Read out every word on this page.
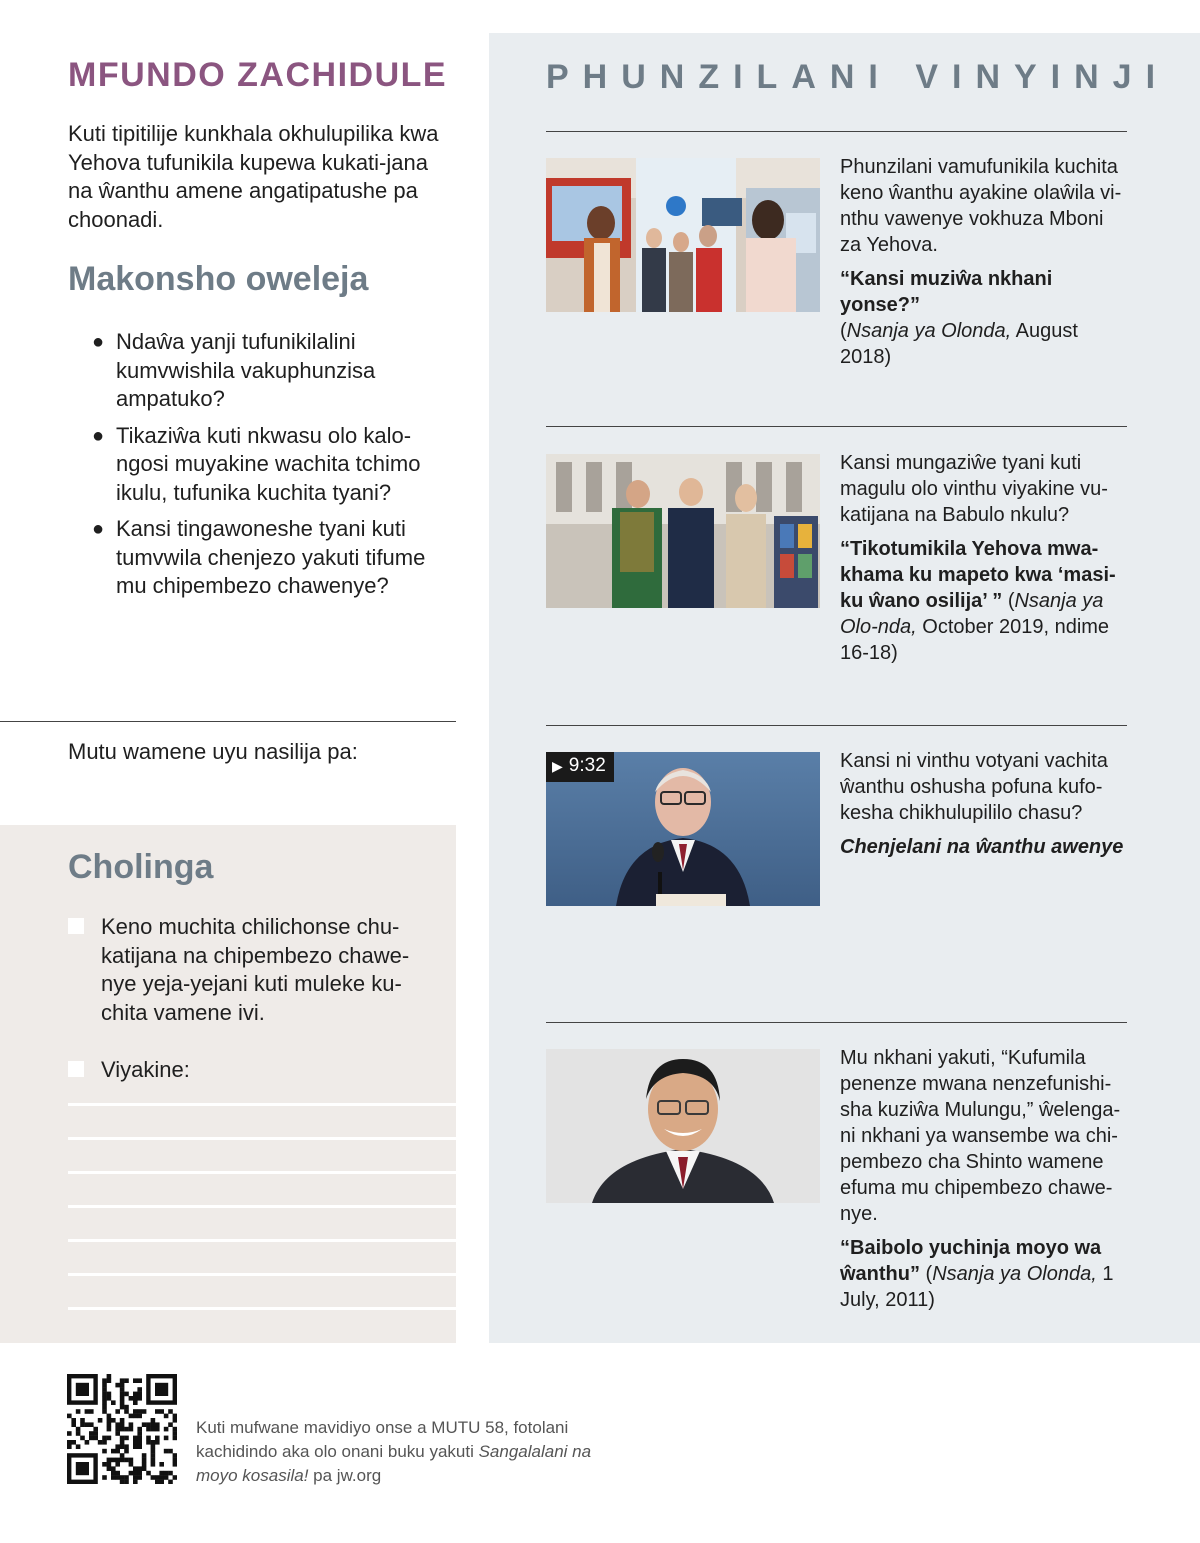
MFUNDO ZACHIDULE

Kuti tipitilije kunkhala okhulupilika kwa Yehova tufunikila kupewa kukati-jana na ŵanthu amene angatipatushe pa choonadi.

Makonsho oweleja
● Ndaŵa yanji tufunikilalini kumvwishila vakuphunzisa ampatuko?
● Tikaziŵa kuti nkwasu olo kalo-ngosi muyakine wachita tchimo ikulu, tufunika kuchita tyani?
● Kansi tingawoneshe tyani kuti tumvwila chenjezo yakuti tifume mu chipembezo chawenye?

Mutu wamene uyu nasilija pa:

Cholinga
Keno muchita chilichonse chu-katijana na chipembezo chawe-nye yeja-yejani kuti muleke ku-chita vamene ivi.
Viyakine:
PHUNZILANI VINYINJI

Phunzilani vamufunikila kuchita keno ŵanthu ayakine olaŵila vi-nthu vawenye vokhuza Mboni za Yehova.

“Kansi muziŵa nkhani yonse?”
(Nsanja ya Olonda, August 2018)

Kansi mungaziŵe tyani kuti magulu olo vinthu viyakine vu-katijana na Babulo nkulu?

“Tikotumikila Yehova mwa-khama ku mapeto kwa ‘masi-ku ŵano osilija’ ” (Nsanja ya Olo-nda, October 2019, ndime 16-18)

▶ 9:32	Kansi ni vinthu votyani vachita ŵanthu oshusha pofuna kufo-kesha chikhulupililo chasu?

Chenjelani na ŵanthu awenye

Mu nkhani yakuti, “Kufumila penenze mwana nenzefunishi-sha kuziŵa Mulungu,” ŵelenga-ni nkhani ya wansembe wa chi-pembezo cha Shinto wamene efuma mu chipembezo chawe-nye.

“Baibolo yuchinja moyo wa ŵanthu” (Nsanja ya Olonda, 1 July, 2011)

Kuti mufwane mavidiyo onse a MUTU 58, fotolani kachidindo aka olo onani buku yakuti Sangalalani na moyo kosasila! pa jw.org
